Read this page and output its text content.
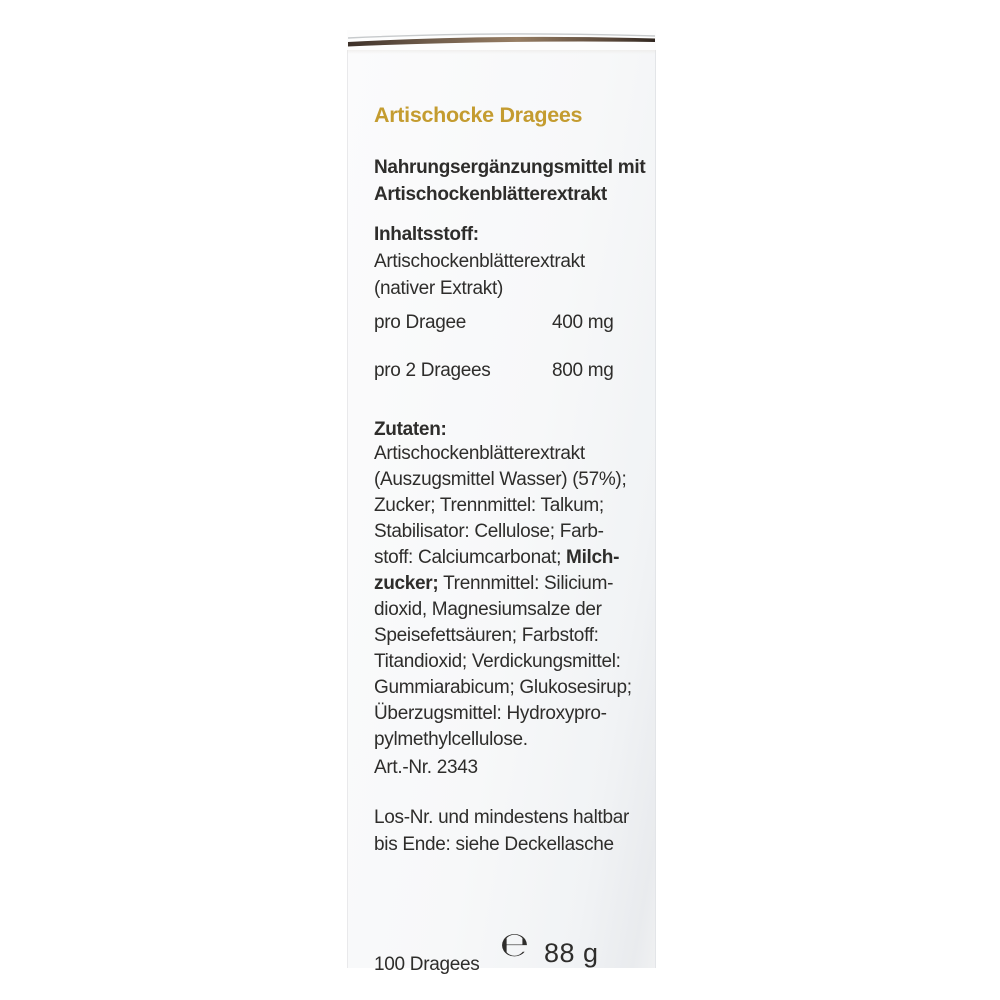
Artischocke Dragees
Nahrungsergänzungsmittel mit
Artischockenblätterextrakt
Inhaltsstoff:
Artischockenblätterextrakt
(nativer Extrakt)
pro Dragee	400 mg
pro 2 Dragees	800 mg
Zutaten:
Artischockenblätterextrakt
(Auszugsmittel Wasser) (57%);
Zucker; Trennmittel: Talkum;
Stabilisator: Cellulose; Farb-
stoff: Calciumcarbonat; Milch-
zucker; Trennmittel: Silicium-
dioxid, Magnesiumsalze der
Speisefettsäuren; Farbstoff:
Titandioxid; Verdickungsmittel:
Gummiarabicum; Glukosesirup;
Überzugsmittel: Hydroxypro-
pylmethylcellulose.
Art.-Nr. 2343
Los-Nr. und mindestens haltbar
bis Ende: siehe Deckellasche
100 Dragees ℮ 88 g
